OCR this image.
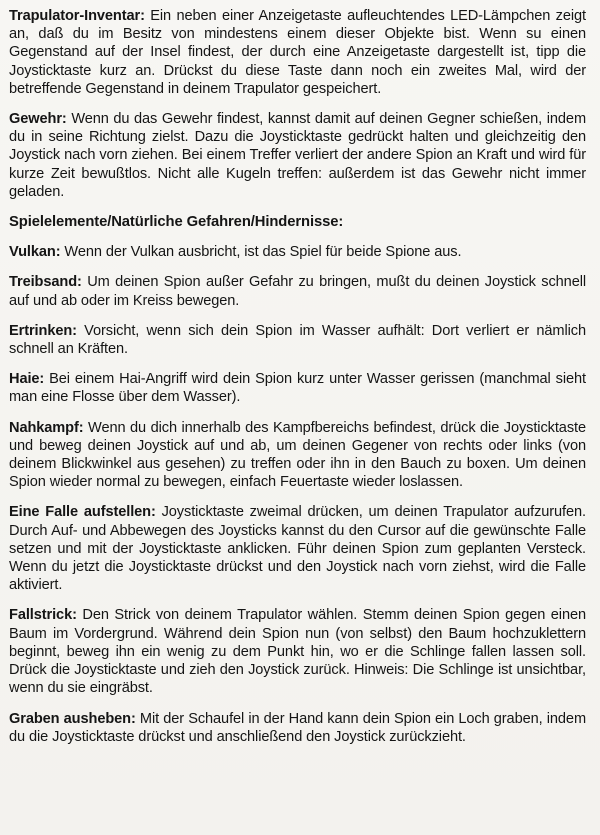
Trapulator-Inventar: Ein neben einer Anzeigetaste aufleuchtendes LED-Lämpchen zeigt an, daß du im Besitz von mindestens einem dieser Objekte bist. Wenn su einen Gegenstand auf der Insel findest, der durch eine Anzeigetaste dargestellt ist, tipp die Joysticktaste kurz an. Drückst du diese Taste dann noch ein zweites Mal, wird der betreffende Gegenstand in deinem Trapulator gespeichert.

Gewehr: Wenn du das Gewehr findest, kannst damit auf deinen Gegner schießen, indem du in seine Richtung zielst. Dazu die Joysticktaste gedrückt halten und gleichzeitig den Joystick nach vorn ziehen. Bei einem Treffer verliert der andere Spion an Kraft und wird für kurze Zeit bewußtlos. Nicht alle Kugeln treffen: außerdem ist das Gewehr nicht immer geladen.

Spielelemente/Natürliche Gefahren/Hindernisse:

Vulkan: Wenn der Vulkan ausbricht, ist das Spiel für beide Spione aus.

Treibsand: Um deinen Spion außer Gefahr zu bringen, mußt du deinen Joystick schnell auf und ab oder im Kreiss bewegen.

Ertrinken: Vorsicht, wenn sich dein Spion im Wasser aufhält: Dort verliert er nämlich schnell an Kräften.

Haie: Bei einem Hai-Angriff wird dein Spion kurz unter Wasser gerissen (manchmal sieht man eine Flosse über dem Wasser).

Nahkampf: Wenn du dich innerhalb des Kampfbereichs befindest, drück die Joysticktaste und beweg deinen Joystick auf und ab, um deinen Gegener von rechts oder links (von deinem Blickwinkel aus gesehen) zu treffen oder ihn in den Bauch zu boxen. Um deinen Spion wieder normal zu bewegen, einfach Feuertaste wieder loslassen.

Eine Falle aufstellen: Joysticktaste zweimal drücken, um deinen Trapulator aufzurufen. Durch Auf- und Abbewegen des Joysticks kannst du den Cursor auf die gewünschte Falle setzen und mit der Joysticktaste anklicken. Führ deinen Spion zum geplanten Versteck. Wenn du jetzt die Joysticktaste drückst und den Joystick nach vorn ziehst, wird die Falle aktiviert.

Fallstrick: Den Strick von deinem Trapulator wählen. Stemm deinen Spion gegen einen Baum im Vordergrund. Während dein Spion nun (von selbst) den Baum hochzuklettern beginnt, beweg ihn ein wenig zu dem Punkt hin, wo er die Schlinge fallen lassen soll. Drück die Joysticktaste und zieh den Joystick zurück. Hinweis: Die Schlinge ist unsichtbar, wenn du sie eingräbst.

Graben ausheben: Mit der Schaufel in der Hand kann dein Spion ein Loch graben, indem du die Joysticktaste drückst und anschließend den Joystick zurückzieht.
